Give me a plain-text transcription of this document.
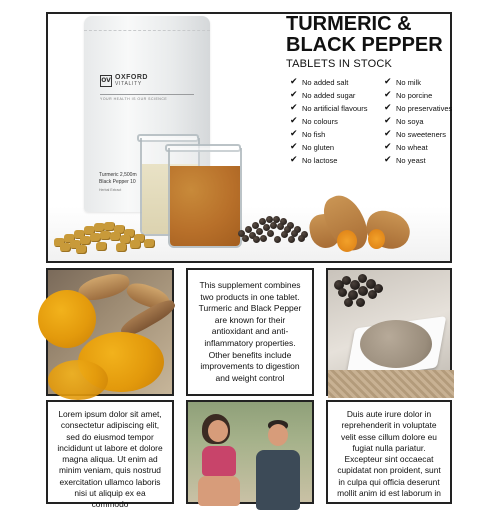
OV OXFORD
VITALITY
YOUR HEALTH IS OUR SCIENCE
Turmeric 2,500m
Black Pepper 10
Herbal Extract
TURMERIC &
BLACK PEPPER
TABLETS IN STOCK
✔ No added salt
✔ No added sugar
✔ No artificial flavours
✔ No colours
✔ No fish
✔ No gluten
✔ No lactose
✔ No milk
✔ No porcine
✔ No preservatives
✔ No soya
✔ No sweeteners
✔ No wheat
✔ No yeast
This supplement combines two products in one tablet. Turmeric and Black Pepper are known for their antioxidant and anti-inflammatory properties. Other benefits include improvements to digestion and weight control
Lorem ipsum dolor sit amet, consectetur adipiscing elit, sed do eiusmod tempor incididunt ut labore et dolore magna aliqua. Ut enim ad minim veniam, quis nostrud exercitation ullamco laboris nisi ut aliquip ex ea commodo
Duis aute irure dolor in reprehenderit in voluptate velit esse cillum dolore eu fugiat nulla pariatur. Excepteur sint occaecat cupidatat non proident, sunt in culpa qui officia deserunt mollit anim id est laborum in
